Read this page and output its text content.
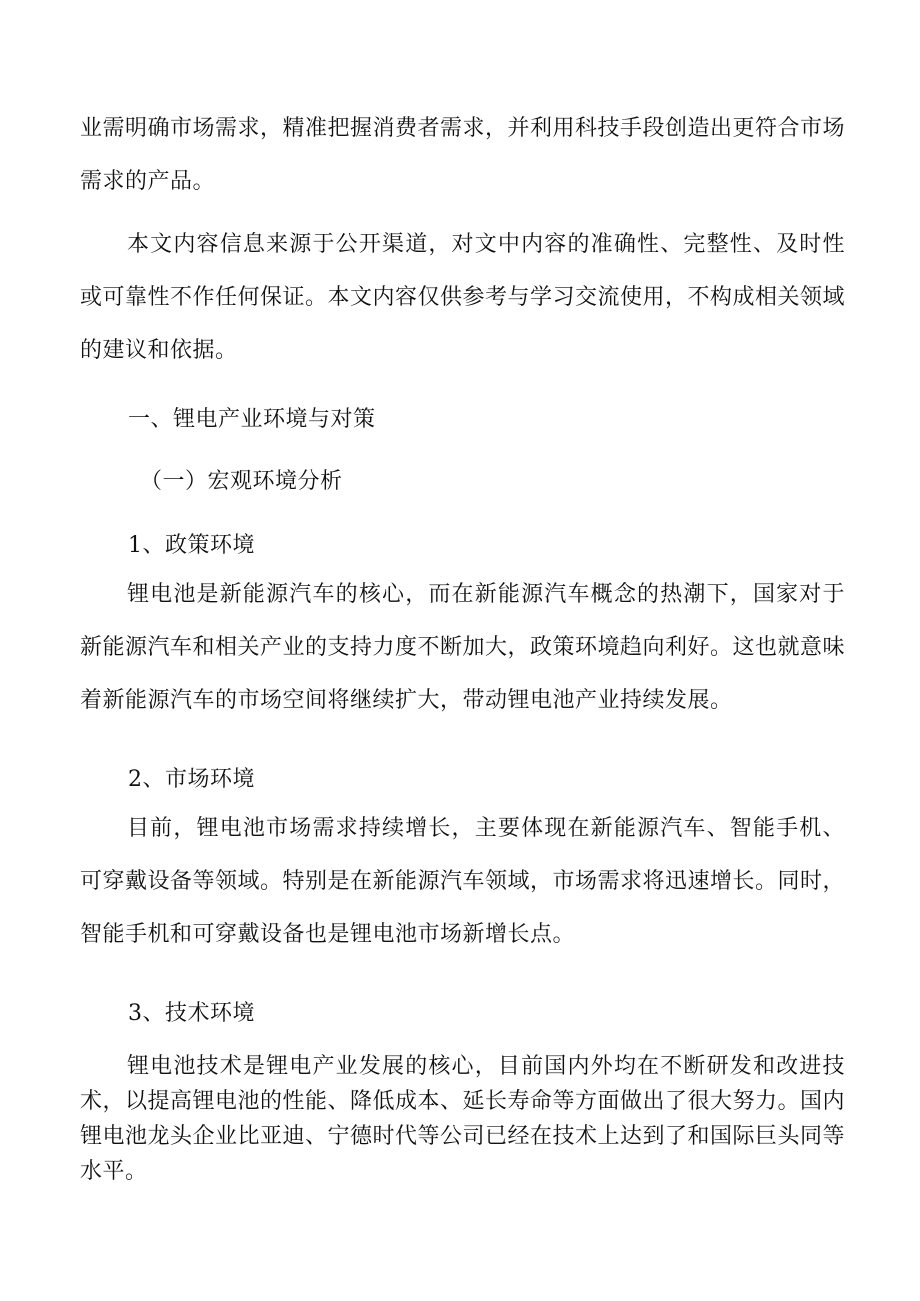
业需明确市场需求，精准把握消费者需求，并利用科技手段创造出更符合市场需求的产品。

本文内容信息来源于公开渠道，对文中内容的准确性、完整性、及时性或可靠性不作任何保证。本文内容仅供参考与学习交流使用，不构成相关领域的建议和依据。

一、锂电产业环境与对策
（一）宏观环境分析
1、政策环境

锂电池是新能源汽车的核心，而在新能源汽车概念的热潮下，国家对于新能源汽车和相关产业的支持力度不断加大，政策环境趋向利好。这也就意味着新能源汽车的市场空间将继续扩大，带动锂电池产业持续发展。

2、市场环境

目前，锂电池市场需求持续增长，主要体现在新能源汽车、智能手机、可穿戴设备等领域。特别是在新能源汽车领域，市场需求将迅速增长。同时，智能手机和可穿戴设备也是锂电池市场新增长点。

3、技术环境

锂电池技术是锂电产业发展的核心，目前国内外均在不断研发和改进技术，以提高锂电池的性能、降低成本、延长寿命等方面做出了很大努力。国内锂电池龙头企业比亚迪、宁德时代等公司已经在技术上达到了和国际巨头同等水平。
